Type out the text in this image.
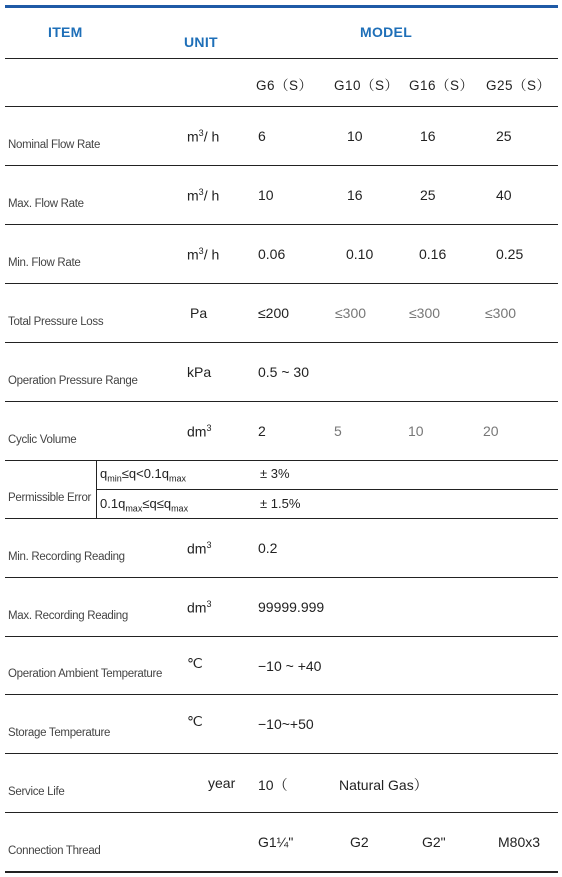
ITEM
UNIT
MODEL
G6（S） G10（S） G16（S） G25（S）
Nominal Flow Rate
$m^3/$ h	6	10	16	25
Max. Flow Rate
$m^3/$ h	10	16	25	40
Min. Flow Rate
$m^3/$ h	0.06	0.10	0.16	0.25
Total Pressure Loss
Pa	≤200	≤300	≤300	≤300
Operation Pressure Range
kPa	0.5 ~ 30
Cyclic Volume
$dm^3$	2	5	10	20
Permissible Error
$q_{min}\le q<0.1q_{max}$	± 3%
$0.1q_{max}\le q\le q_{max}$	± 1.5%
Min. Recording Reading
$dm^3$	0.2
Max. Recording Reading
$dm^3$	99999.999
Operation Ambient Temperature
℃	−10 ~ +40
Storage Temperature
℃	−10~+50
Service Life
year 10（	Natural Gas）
Connection Thread
G1¼"	G2	G2"	M80x3
